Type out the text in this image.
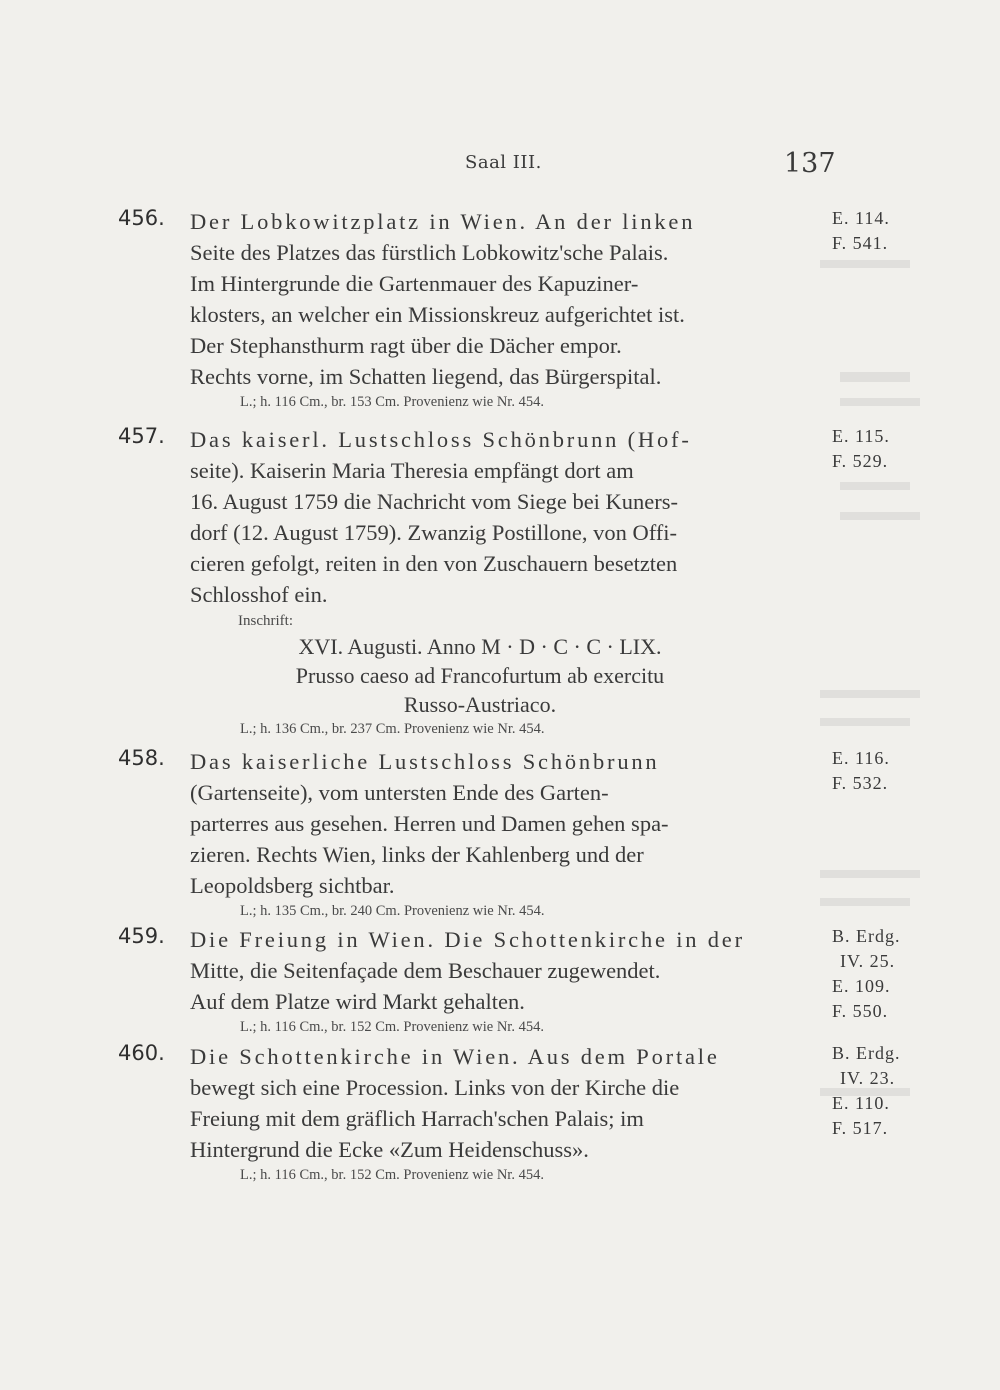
Saal III.	137
456. Der Lobkowitzplatz in Wien. An der linken
Seite des Platzes das fürstlich Lobkowitz'sche Palais.
Im Hintergrunde die Gartenmauer des Kapuziner-
klosters, an welcher ein Missionskreuz aufgerichtet ist.
Der Stephansthurm ragt über die Dächer empor.
Rechts vorne, im Schatten liegend, das Bürgerspital.
L.; h. 116 Cm., br. 153 Cm. Provenienz wie Nr. 454.
E. 114.
F. 541.
457. Das kaiserl. Lustschloss Schönbrunn (Hof-
seite). Kaiserin Maria Theresia empfängt dort am
16. August 1759 die Nachricht vom Siege bei Kuners-
dorf (12. August 1759). Zwanzig Postillone, von Offi-
cieren gefolgt, reiten in den von Zuschauern besetzten
Schlosshof ein.
Inschrift:
XVI. Augusti. Anno M · D · C · C · LIX.
Prusso caeso ad Francofurtum ab exercitu
Russo-Austriaco.
L.; h. 136 Cm., br. 237 Cm. Provenienz wie Nr. 454.
E. 115.
F. 529.
458. Das kaiserliche Lustschloss Schönbrunn
(Gartenseite), vom untersten Ende des Garten-
parterres aus gesehen. Herren und Damen gehen spa-
zieren. Rechts Wien, links der Kahlenberg und der
Leopoldsberg sichtbar.
L.; h. 135 Cm., br. 240 Cm. Provenienz wie Nr. 454.
E. 116.
F. 532.
459. Die Freiung in Wien. Die Schottenkirche in der
Mitte, die Seitenfaçade dem Beschauer zugewendet.
Auf dem Platze wird Markt gehalten.
L.; h. 116 Cm., br. 152 Cm. Provenienz wie Nr. 454.
B. Erdg.
IV. 25.
E. 109.
F. 550.
460. Die Schottenkirche in Wien. Aus dem Portale
bewegt sich eine Procession. Links von der Kirche die
Freiung mit dem gräflich Harrach'schen Palais; im
Hintergrund die Ecke «Zum Heidenschuss».
L.; h. 116 Cm., br. 152 Cm. Provenienz wie Nr. 454.
B. Erdg.
IV. 23.
E. 110.
F. 517.
